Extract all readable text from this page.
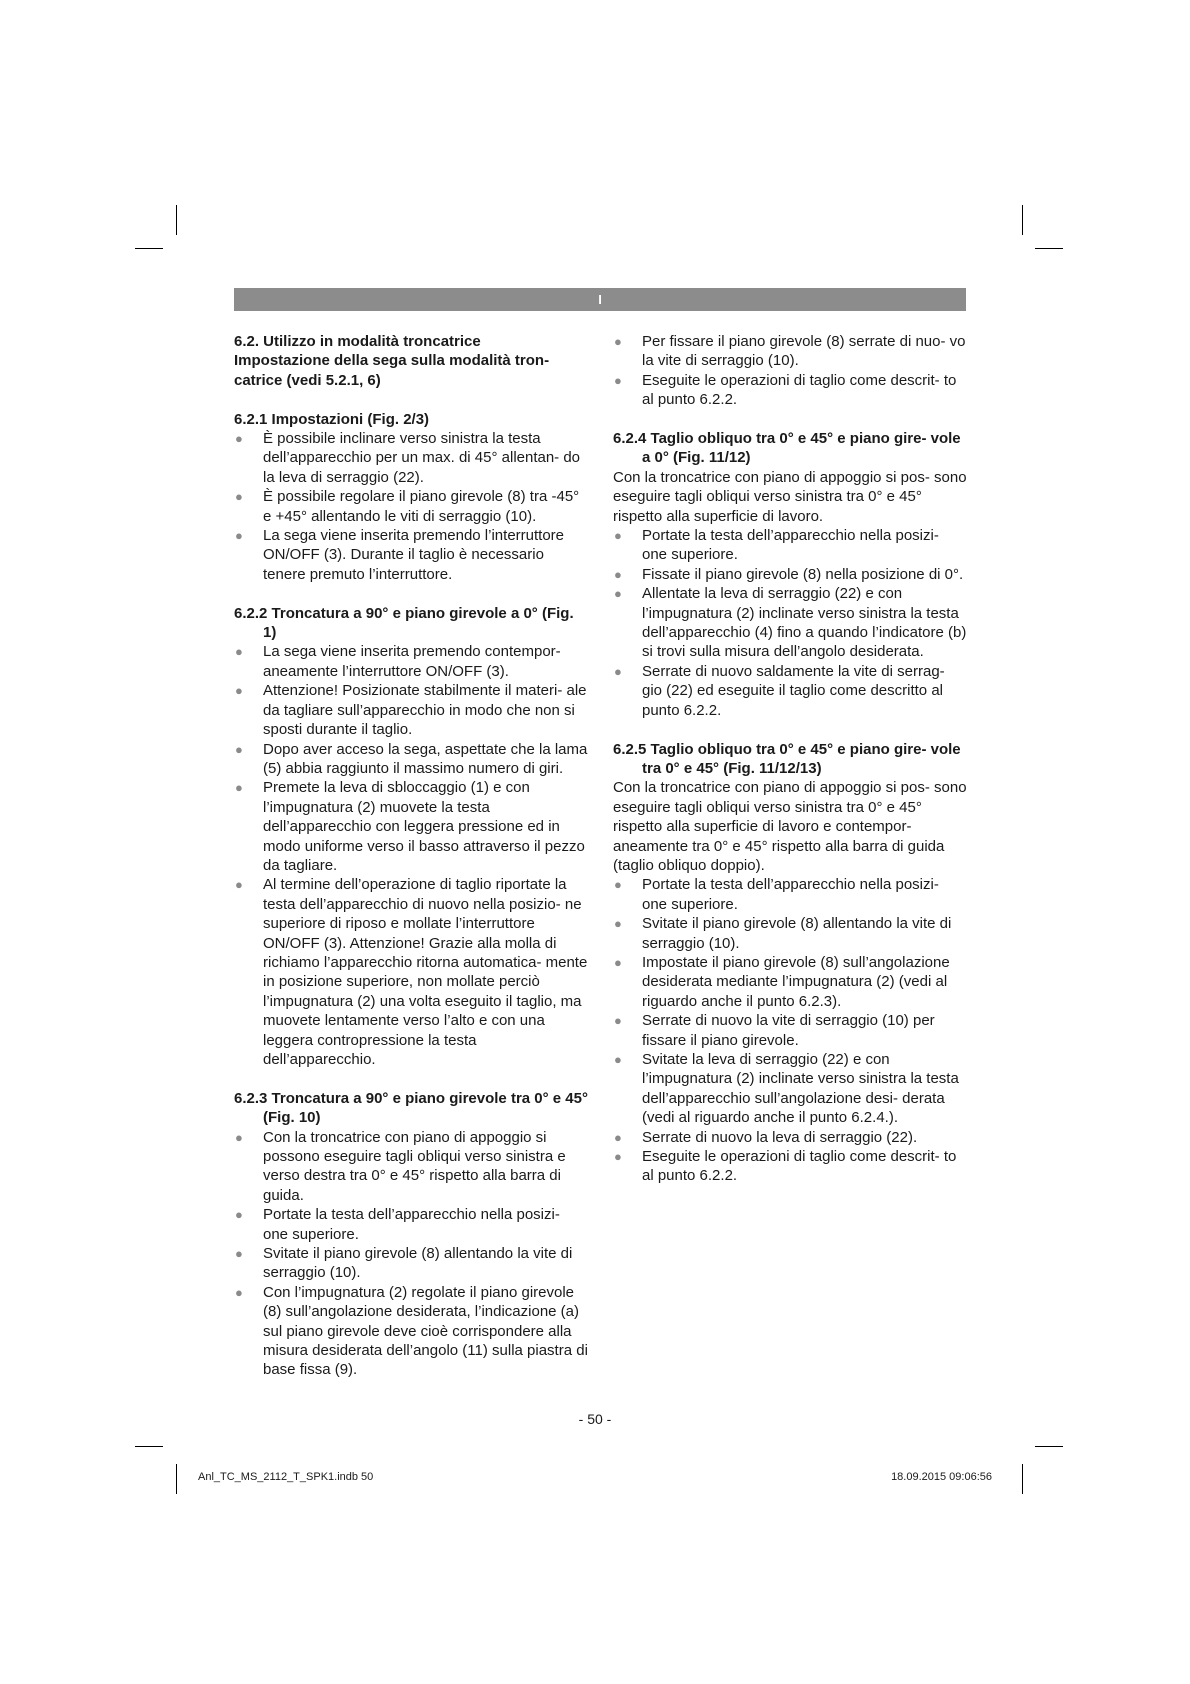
I
6.2. Utilizzo in modalità troncatrice
Impostazione della sega sulla modalità tron-
catrice (vedi 5.2.1, 6)
6.2.1 Impostazioni (Fig. 2/3)
● È possibile inclinare verso sinistra la testa dell’apparecchio per un max. di 45° allentan- do la leva di serraggio (22).
● È possibile regolare il piano girevole (8) tra -45° e +45° allentando le viti di serraggio (10).
● La sega viene inserita premendo l’interruttore ON/OFF (3). Durante il taglio è necessario tenere premuto l’interruttore.
6.2.2 Troncatura a 90° e piano girevole a 0° (Fig. 1)
● La sega viene inserita premendo contempor- aneamente l’interruttore ON/OFF (3).
● Attenzione! Posizionate stabilmente il materi- ale da tagliare sull’apparecchio in modo che non si sposti durante il taglio.
● Dopo aver acceso la sega, aspettate che la lama (5) abbia raggiunto il massimo numero di giri.
● Premete la leva di sbloccaggio (1) e con l’impugnatura (2) muovete la testa dell’apparecchio con leggera pressione ed in modo uniforme verso il basso attraverso il pezzo da tagliare.
● Al termine dell’operazione di taglio riportate la testa dell’apparecchio di nuovo nella posizio- ne superiore di riposo e mollate l’interruttore ON/OFF (3). Attenzione! Grazie alla molla di richiamo l’apparecchio ritorna automatica- mente in posizione superiore, non mollate perciò l’impugnatura (2) una volta eseguito il taglio, ma muovete lentamente verso l’alto e con una leggera contropressione la testa dell’apparecchio.
6.2.3 Troncatura a 90° e piano girevole tra 0° e 45° (Fig. 10)
● Con la troncatrice con piano di appoggio si possono eseguire tagli obliqui verso sinistra e verso destra tra 0° e 45° rispetto alla barra di guida.
● Portate la testa dell’apparecchio nella posizi- one superiore.
● Svitate il piano girevole (8) allentando la vite di serraggio (10).
● Con l’impugnatura (2) regolate il piano girevole (8) sull’angolazione desiderata, l’indicazione (a) sul piano girevole deve cioè corrispondere alla misura desiderata dell’angolo (11) sulla piastra di base fissa (9).
● Per fissare il piano girevole (8) serrate di nuo- vo la vite di serraggio (10).
● Eseguite le operazioni di taglio come descrit- to al punto 6.2.2.
6.2.4 Taglio obliquo tra 0° e 45° e piano gire- vole a 0° (Fig. 11/12)

Con la troncatrice con piano di appoggio si pos- sono eseguire tagli obliqui verso sinistra tra 0° e 45° rispetto alla superficie di lavoro.

● Portate la testa dell’apparecchio nella posizi- one superiore.
● Fissate il piano girevole (8) nella posizione di 0°.
● Allentate la leva di serraggio (22) e con l’impugnatura (2) inclinate verso sinistra la testa dell’apparecchio (4) fino a quando l’indicatore (b) si trovi sulla misura dell’angolo desiderata.
● Serrate di nuovo saldamente la vite di serrag- gio (22) ed eseguite il taglio come descritto al punto 6.2.2.
6.2.5 Taglio obliquo tra 0° e 45° e piano gire- vole tra 0° e 45° (Fig. 11/12/13)

Con la troncatrice con piano di appoggio si pos- sono eseguire tagli obliqui verso sinistra tra 0° e 45° rispetto alla superficie di lavoro e contempor- aneamente tra 0° e 45° rispetto alla barra di guida (taglio obliquo doppio).

● Portate la testa dell’apparecchio nella posizi- one superiore.
● Svitate il piano girevole (8) allentando la vite di serraggio (10).
● Impostate il piano girevole (8) sull’angolazione desiderata mediante l’impugnatura (2) (vedi al riguardo anche il punto 6.2.3).
● Serrate di nuovo la vite di serraggio (10) per fissare il piano girevole.
● Svitate la leva di serraggio (22) e con l’impugnatura (2) inclinate verso sinistra la testa dell’apparecchio sull’angolazione desi- derata (vedi al riguardo anche il punto 6.2.4.).
● Serrate di nuovo la leva di serraggio (22).
● Eseguite le operazioni di taglio come descrit- to al punto 6.2.2.
- 50 -
Anl_TC_MS_2112_T_SPK1.indb 50	18.09.2015 09:06:56
